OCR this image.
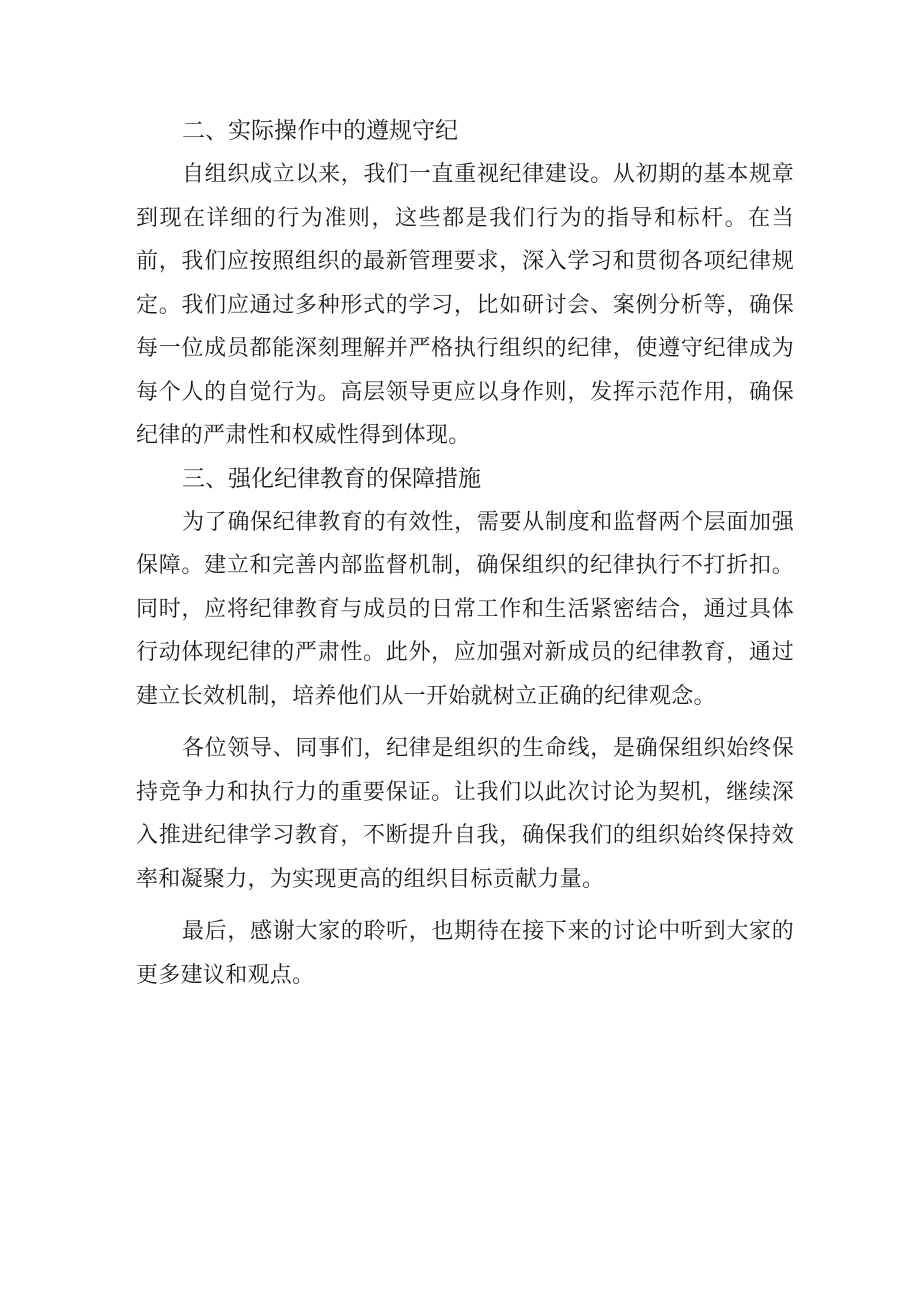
二、实际操作中的遵规守纪

自组织成立以来，我们一直重视纪律建设。从初期的基本规章到现在详细的行为准则，这些都是我们行为的指导和标杆。在当前，我们应按照组织的最新管理要求，深入学习和贯彻各项纪律规定。我们应通过多种形式的学习，比如研讨会、案例分析等，确保每一位成员都能深刻理解并严格执行组织的纪律，使遵守纪律成为每个人的自觉行为。高层领导更应以身作则，发挥示范作用，确保纪律的严肃性和权威性得到体现。

三、强化纪律教育的保障措施

为了确保纪律教育的有效性，需要从制度和监督两个层面加强保障。建立和完善内部监督机制，确保组织的纪律执行不打折扣。同时，应将纪律教育与成员的日常工作和生活紧密结合，通过具体行动体现纪律的严肃性。此外，应加强对新成员的纪律教育，通过建立长效机制，培养他们从一开始就树立正确的纪律观念。

各位领导、同事们，纪律是组织的生命线，是确保组织始终保持竞争力和执行力的重要保证。让我们以此次讨论为契机，继续深入推进纪律学习教育，不断提升自我，确保我们的组织始终保持效率和凝聚力，为实现更高的组织目标贡献力量。

最后，感谢大家的聆听，也期待在接下来的讨论中听到大家的更多建议和观点。
